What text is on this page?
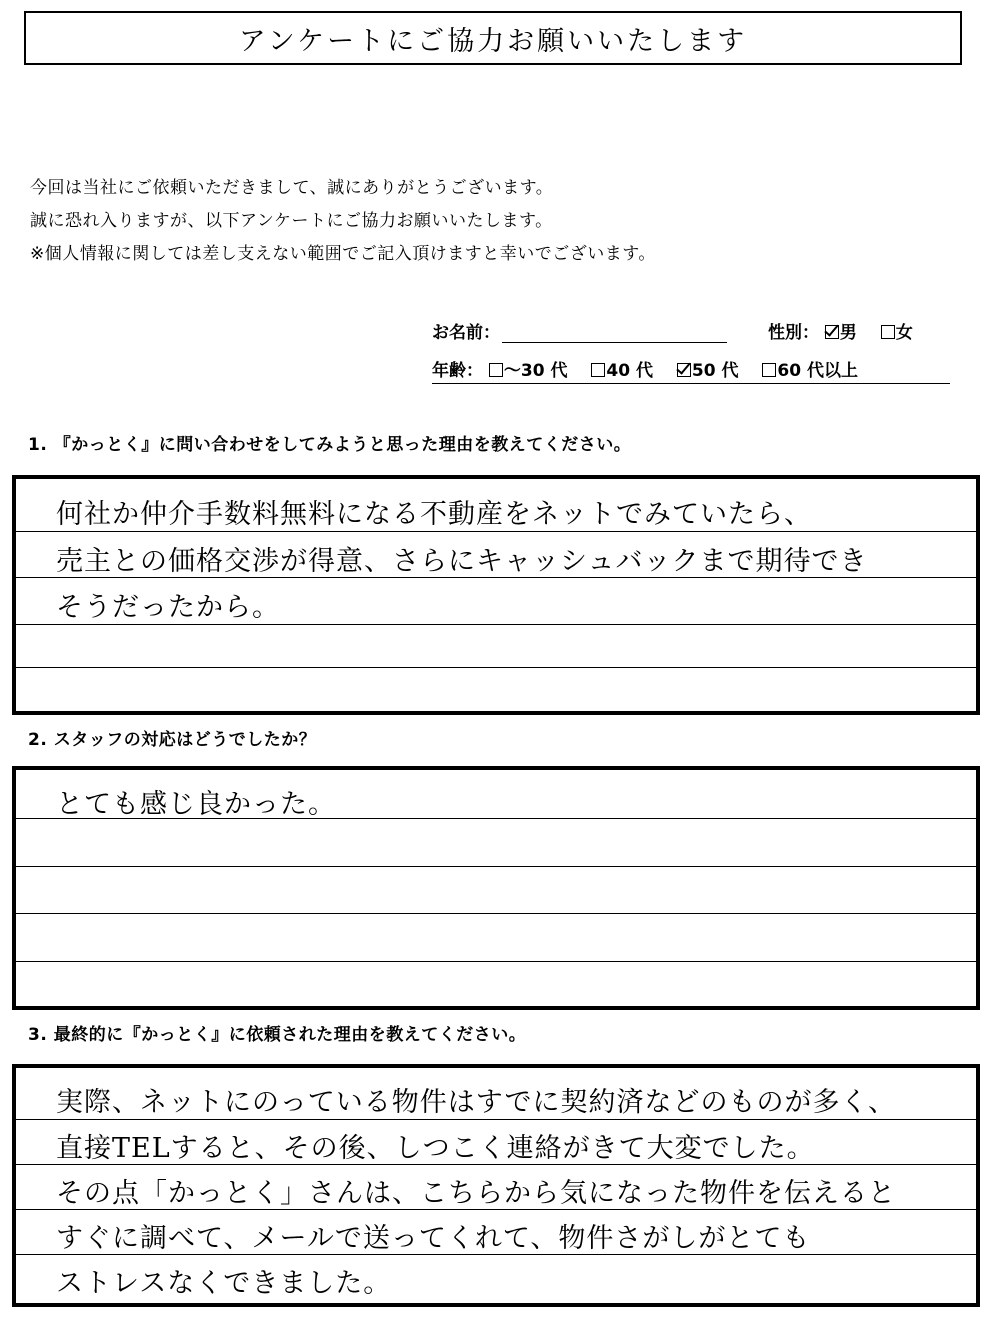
アンケートにご協力お願いいたします
今回は当社にご依頼いただきまして、誠にありがとうございます。
誠に恐れ入りますが、以下アンケートにご協力お願いいたします。
※個人情報に関しては差し支えない範囲でご記入頂けますと幸いでございます。
お名前：	性別： 男 女
年齢： ～30 代 40 代 50 代 60 代以上
1. 『かっとく』に問い合わせをしてみようと思った理由を教えてください。
何社か仲介手数料無料になる不動産をネットでみていたら、
売主との価格交渉が得意、さらにキャッシュバックまで期待でき
そうだったから。
2. スタッフの対応はどうでしたか？
とても感じ良かった。
3. 最終的に『かっとく』に依頼された理由を教えてください。
実際、ネットにのっている物件はすでに契約済などのものが多く、
直接TELすると、その後、しつこく連絡がきて大変でした。
その点「かっとく」さんは、こちらから気になった物件を伝えると
すぐに調べて、メールで送ってくれて、物件さがしがとても
ストレスなくできました。
